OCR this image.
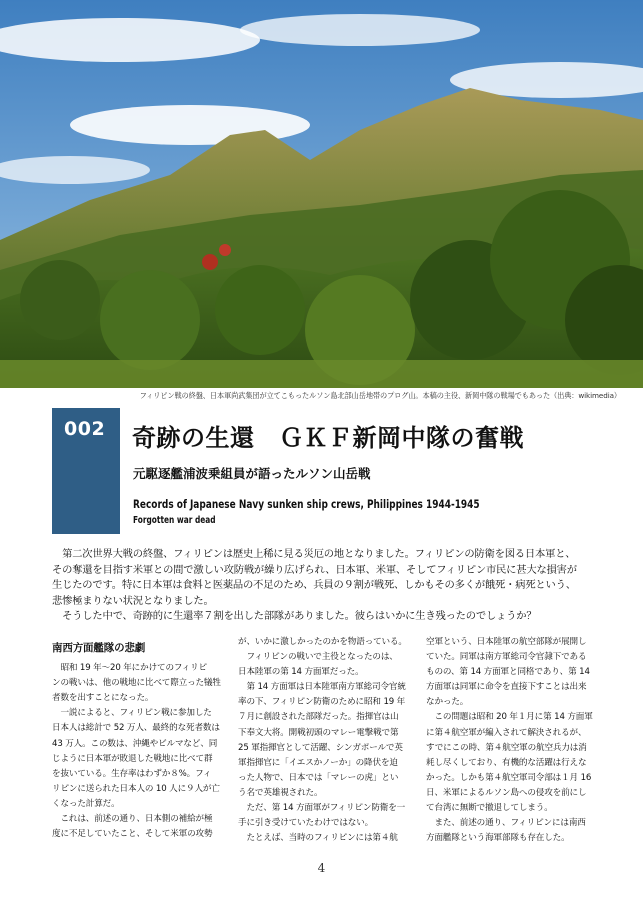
フィリピン戦の終盤、日本軍尚武集団が立てこもったルソン島北部山岳地帯のプログ山。本稿の主役、新岡中隊の戦場でもあった（出典：wikimedia）
002	奇跡の生還　ＧＫＦ新岡中隊の奮戦
元駆逐艦浦波乗組員が語ったルソン山岳戦
Records of Japanese Navy sunken ship crews, Philippines 1944-1945
Forgotten war dead

　第二次世界大戦の終盤、フィリピンは歴史上稀に見る災厄の地となりました。フィリピンの防衛を図る日本軍と、

その奪還を目指す米軍との間で激しい攻防戦が繰り広げられ、日本軍、米軍、そしてフィリピン市民に甚大な損害が

生じたのです。特に日本軍は食料と医薬品の不足のため、兵員の９割が戦死、しかもその多くが餓死・病死という、

悲惨極まりない状況となりました。

　そうした中で、奇跡的に生還率７割を出した部隊がありました。彼らはいかに生き残ったのでしょうか？

南西方面艦隊の悲劇

　昭和 19 年〜20 年にかけてのフィリピ

ンの戦いは、他の戦地に比べて際立った犠牲

者数を出すことになった。

　一説によると、フィリピン戦に参加した

日本人は総計で 52 万人、最終的な死者数は

43 万人。この数は、沖縄やビルマなど、同

じように日本軍が敗退した戦地に比べて群

を抜いている。生存率はわずか８%。フィ

リピンに送られた日本人の 10 人に９人が亡

くなった計算だ。

　これは、前述の通り、日本側の補給が極

度に不足していたこと、そして米軍の攻勢

が、いかに激しかったのかを物語っている。

　フィリピンの戦いで主役となったのは、

日本陸軍の第 14 方面軍だった。

　第 14 方面軍は日本陸軍南方軍総司令官統

率の下、フィリピン防衛のために昭和 19 年

７月に創設された部隊だった。指揮官は山

下奉文大将。開戦初頭のマレー電撃戦で第

25 軍指揮官として活躍、シンガポールで英

軍指揮官に「イエスかノーか」の降伏を迫

った人物で、日本では「マレーの虎」とい

う名で英雄視された。

　ただ、第 14 方面軍がフィリピン防衛を一

手に引き受けていたわけではない。

　たとえば、当時のフィリピンには第４航

空軍という、日本陸軍の航空部隊が展開し

ていた。同軍は南方軍総司令官隷下である

ものの、第 14 方面軍と同格であり、第 14

方面軍は同軍に命令を直接下すことは出来

なかった。

　この問題は昭和 20 年１月に第 14 方面軍

に第４航空軍が編入されて解決されるが、

すでにこの時、第４航空軍の航空兵力は消

耗し尽くしており、有機的な活躍は行えな

かった。しかも第４航空軍司令部は１月 16

日、米軍によるルソン島への侵攻を前にし

て台湾に無断で撤退してしまう。

　また、前述の通り、フィリピンには南西

方面艦隊という海軍部隊も存在した。

4
